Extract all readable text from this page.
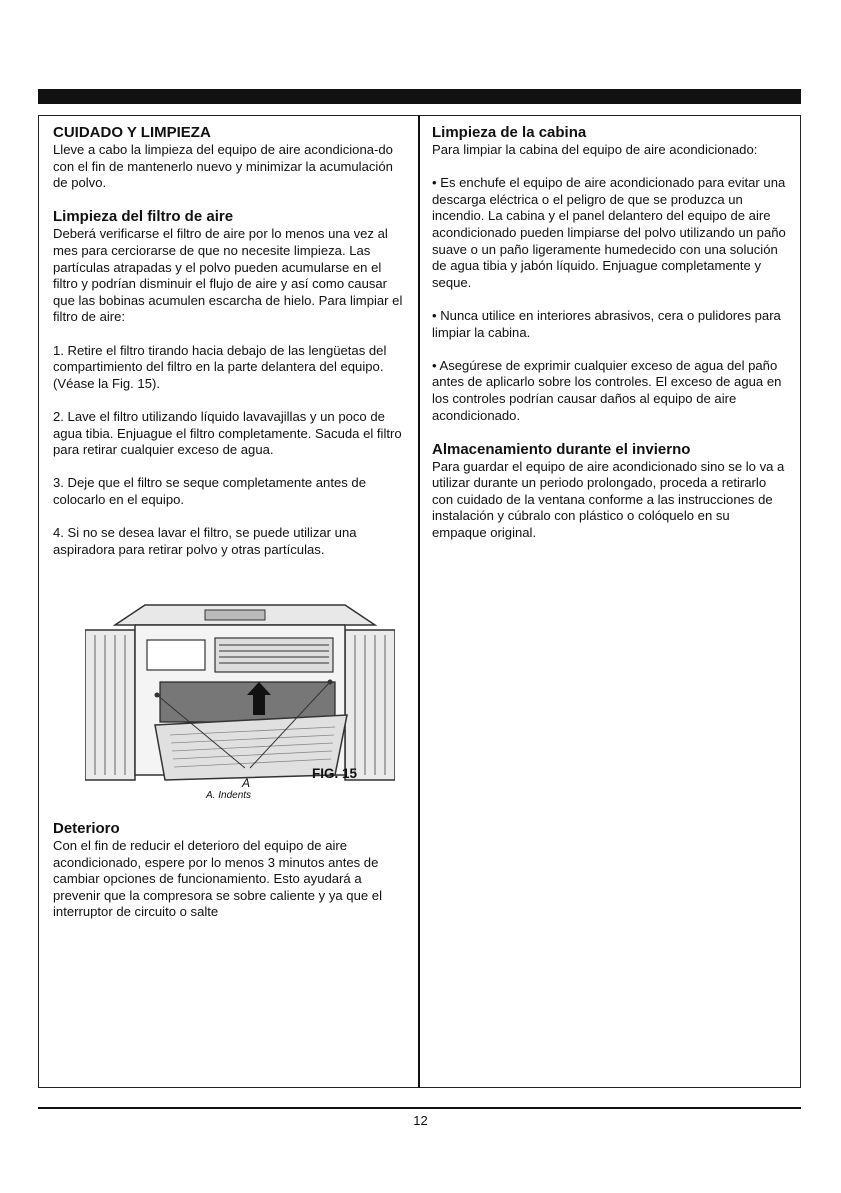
CUIDADO Y LIMPIEZA

Lleve a cabo la limpieza del equipo de aire acondiciona-do con el fin de mantenerlo nuevo y minimizar la acumulación de polvo.

Limpieza del filtro de aire

Deberá verificarse el filtro de aire por lo menos una vez al mes para cerciorarse de que no necesite limpieza. Las partículas atrapadas y el polvo pueden acumularse en el filtro y podrían disminuir el flujo de aire y así como causar que las bobinas acumulen escarcha de hielo. Para limpiar el filtro de aire:

1. Retire el filtro tirando hacia debajo de las lengüetas del compartimiento del filtro en la parte delantera del equipo. (Véase la Fig. 15).

2. Lave el filtro utilizando líquido lavavajillas y un poco de agua tibia. Enjuague el filtro completamente. Sacuda el filtro para retirar cualquier exceso de agua.

3. Deje que el filtro se seque completamente antes de colocarlo en el equipo.

4. Si no se desea lavar el filtro, se puede utilizar una aspiradora para retirar polvo y otras partículas.

FIG. 15
A
A. Indents
Deterioro

Con el fin de reducir el deterioro del equipo de aire acondicionado, espere por lo menos 3 minutos antes de cambiar opciones de funcionamiento. Esto ayudará a prevenir que la compresora se sobre caliente y ya que el interruptor de circuito o salte

Limpieza de la cabina

Para limpiar la cabina del equipo de aire acondicionado:

• Es enchufe el equipo de aire acondicionado para evitar una descarga eléctrica o el peligro de que se produzca un incendio. La cabina y el panel delantero del equipo de aire acondicionado pueden limpiarse del polvo utilizando un paño suave o un paño ligeramente humedecido con una solución de agua tibia y jabón líquido. Enjuague completamente y seque.

• Nunca utilice en interiores abrasivos, cera o pulidores para limpiar la cabina.

• Asegúrese de exprimir cualquier exceso de agua del paño antes de aplicarlo sobre los controles. El exceso de agua en los controles podrían causar daños al equipo de aire acondicionado.

Almacenamiento durante el invierno

Para guardar el equipo de aire acondicionado sino se lo va a utilizar durante un periodo prolongado, proceda a retirarlo con cuidado de la ventana conforme a las instrucciones de instalación y cúbralo con plástico o colóquelo en su empaque original.

12
